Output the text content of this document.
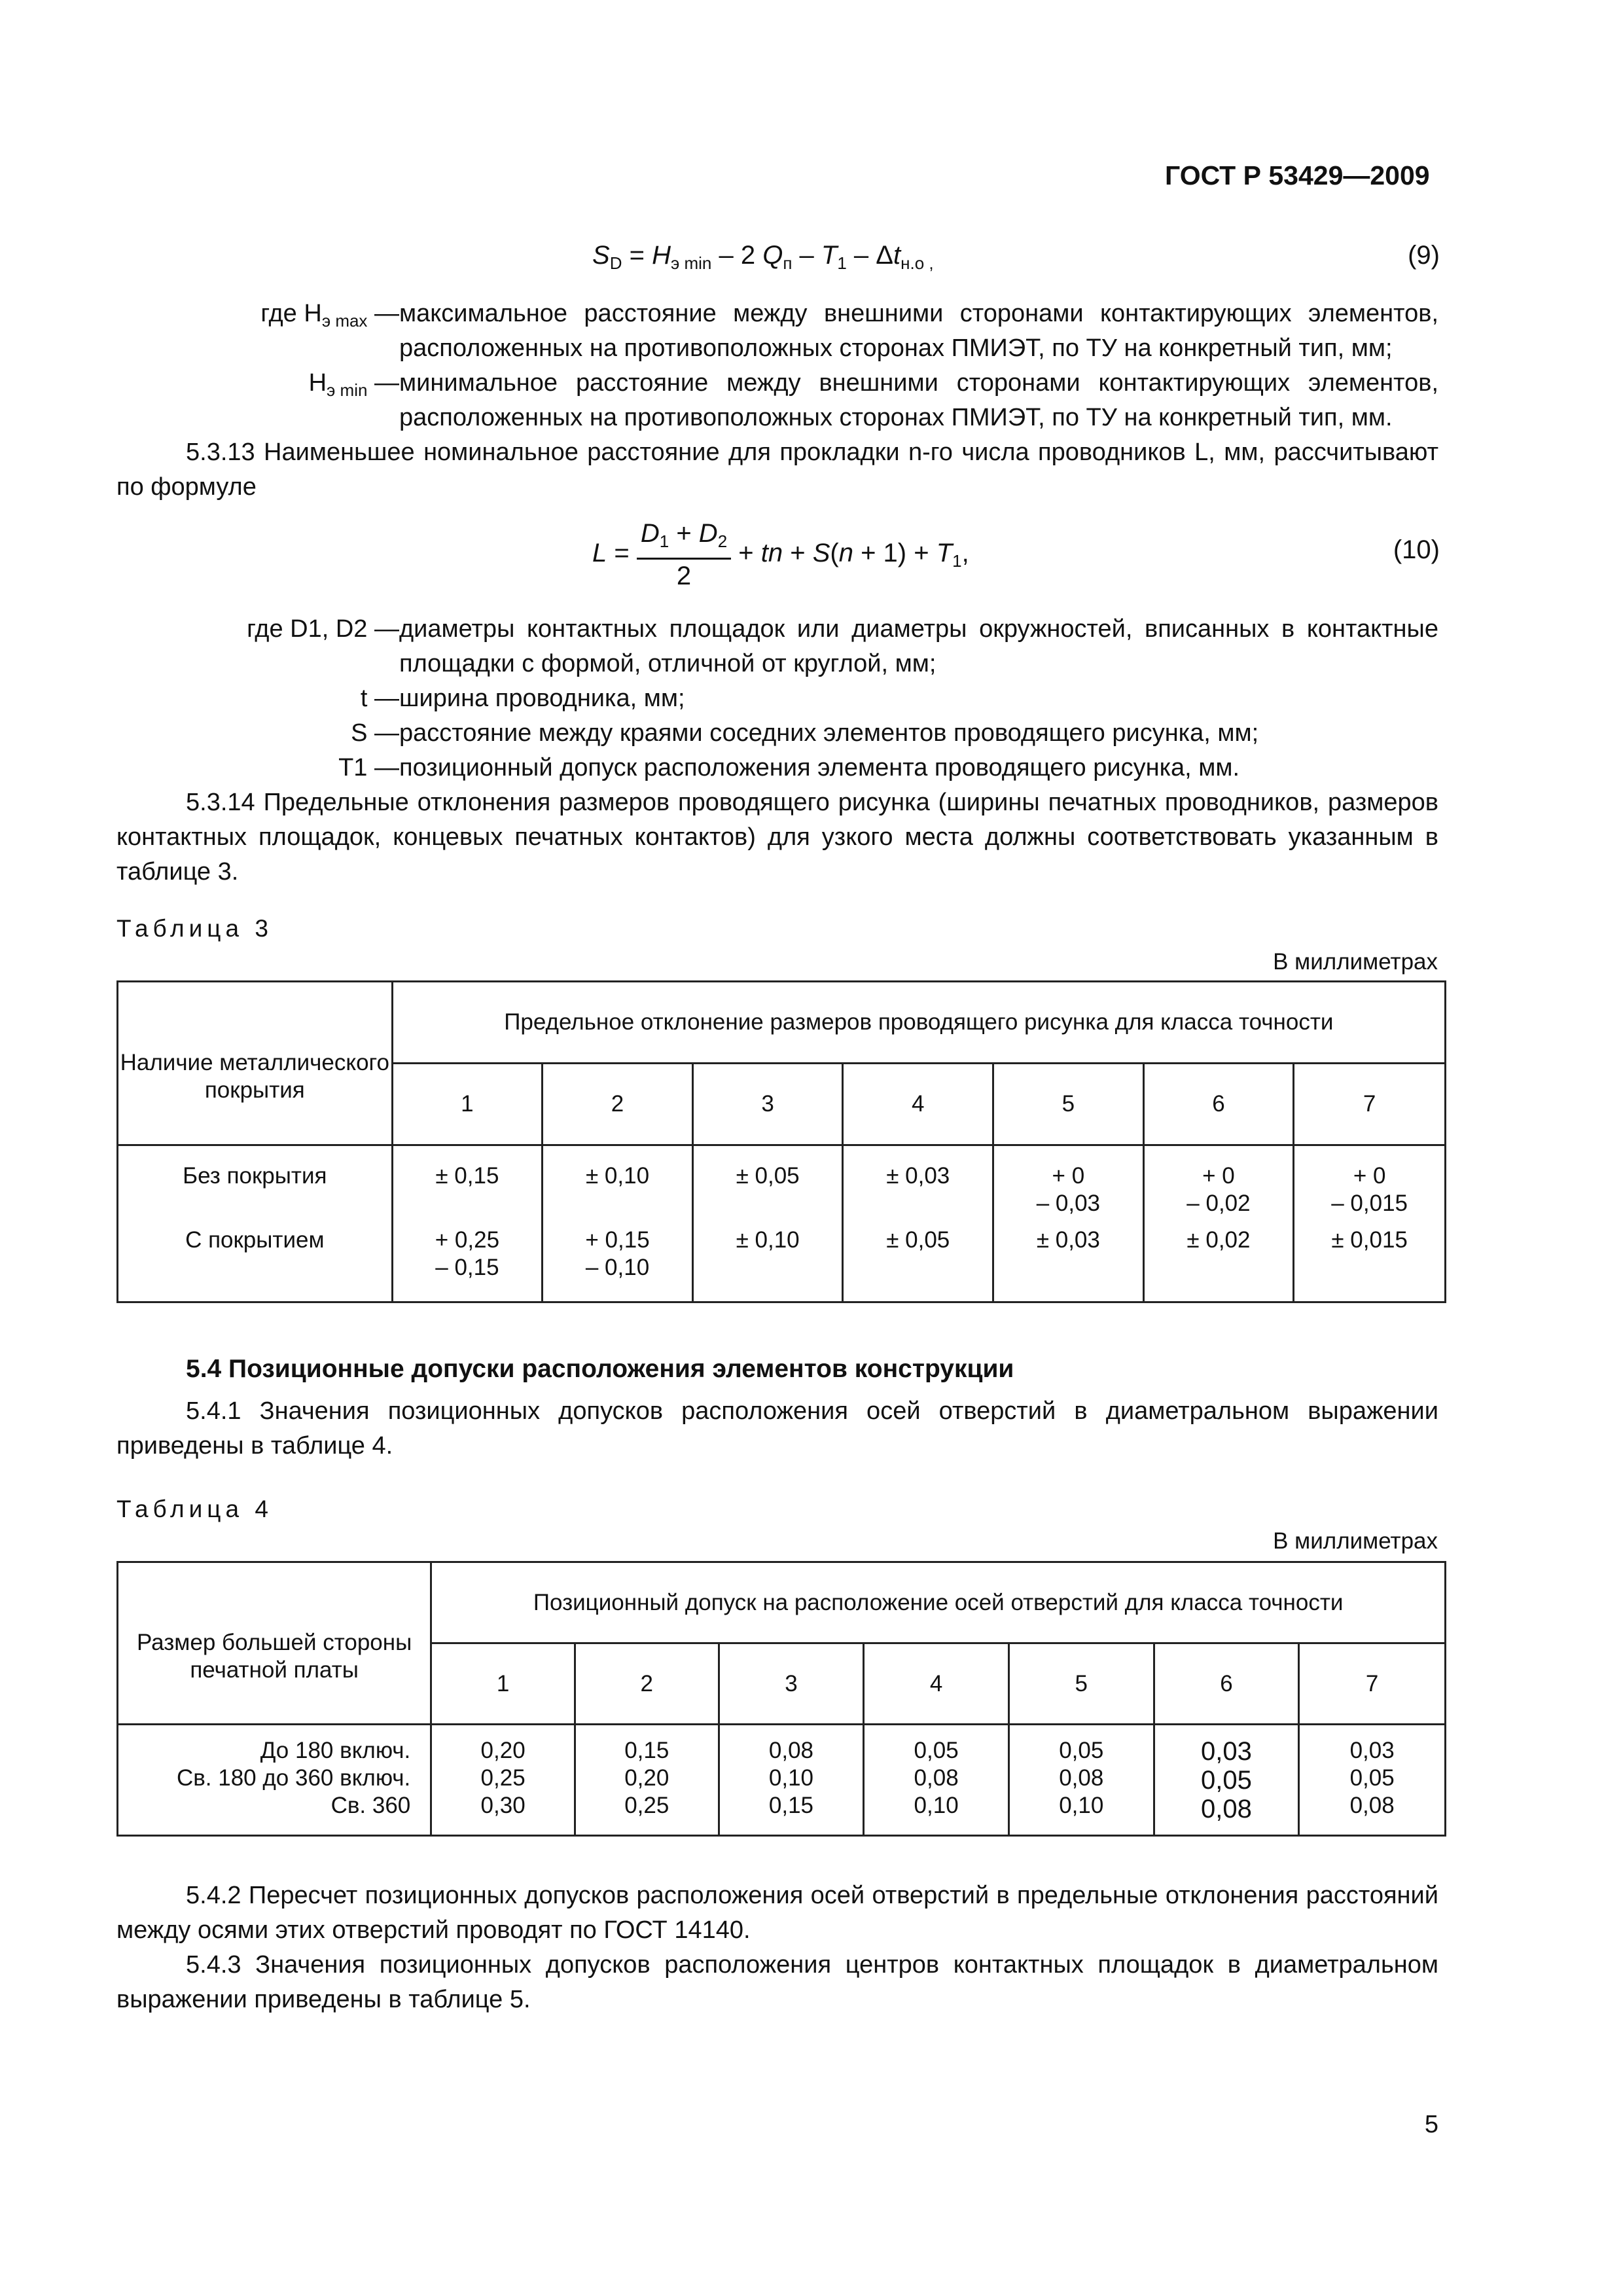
ГОСТ Р 53429—2009
$S_D = H_{э min} - 2$ $Q_п - T_1 - \Delta t_{н.о ,}$	(9)
где $H_{э max}$ — максимальное расстояние между внешними сторонами контактирующих элементов, расположенных на противоположных сторонах ПМИЭТ, по ТУ на конкретный тип, мм;
$H_{э min}$ — минимальное расстояние между внешними сторонами контактирующих элементов, расположенных на противоположных сторонах ПМИЭТ, по ТУ на конкретный тип, мм.
5.3.13 Наименьшее номинальное расстояние для прокладки n-го числа проводников L, мм, рассчитывают по формуле
$L = \frac{D_1 + D_2}{2}$ + tn + $S(n + 1) + T_1$,	(10)
где D1, D2 — диаметры контактных площадок или диаметры окружностей, вписанных в контактные площадки с формой, отличной от круглой, мм;
t — ширина проводника, мм;
S — расстояние между краями соседних элементов проводящего рисунка, мм;
T1 — позиционный допуск расположения элемента проводящего рисунка, мм.
5.3.14 Предельные отклонения размеров проводящего рисунка (ширины печатных проводников, размеров контактных площадок, концевых печатных контактов) для узкого места должны соответствовать указанным в таблице 3.
Таблица 3
В миллиметрах
Наличие металлического покрытия	Предельное отклонение размеров проводящего рисунка для класса точности						
	1	2	3	4	5	6	7

Без покрытия	± 0,15	± 0,10	± 0,05	± 0,03	+ 0
– 0,03	+ 0
– 0,02	+ 0
– 0,015

С покрытием	+ 0,25
– 0,15	+ 0,15
– 0,10	± 0,10	± 0,05	± 0,03	± 0,02	± 0,015
5.4 Позиционные допуски расположения элементов конструкции
5.4.1 Значения позиционных допусков расположения осей отверстий в диаметральном выражении приведены в таблице 4.
Таблица 4
В миллиметрах
Размер большей стороны печатной платы	Позиционный допуск на расположение осей отверстий для класса точности						
	1	2	3	4	5	6	7

До 180 включ.
Св. 180 до 360 включ.
Св. 360	0,20
0,25
0,30	0,15
0,20
0,25	0,08
0,10
0,15	0,05
0,08
0,10	0,05
0,08
0,10	0,03
0,05
0,08	0,03
0,05
0,08
5.4.2 Пересчет позиционных допусков расположения осей отверстий в предельные отклонения расстояний между осями этих отверстий проводят по ГОСТ 14140.
5.4.3 Значения позиционных допусков расположения центров контактных площадок в диаметральном выражении приведены в таблице 5.
5
